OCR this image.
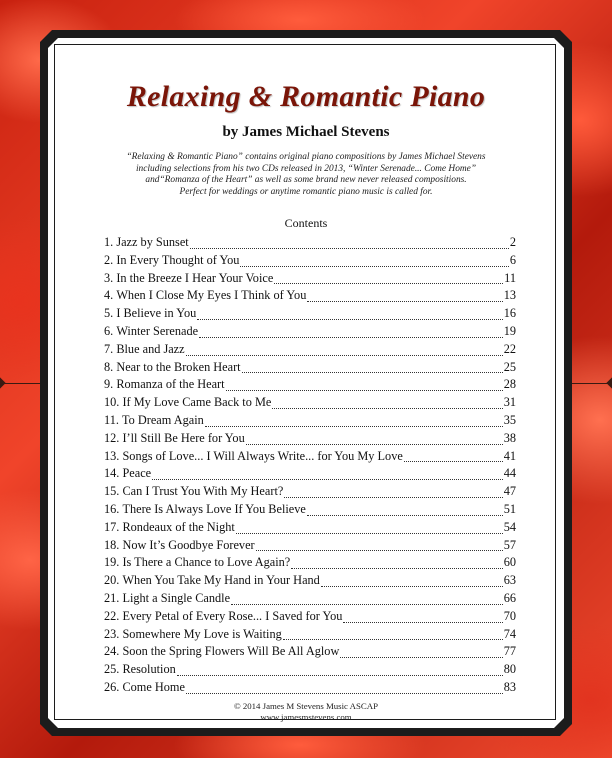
Relaxing & Romantic Piano
by James Michael Stevens
“Relaxing & Romantic Piano” contains original piano compositions by James Michael Stevens
including selections from his two CDs released in 2013, “Winter Serenade... Come Home”
and“Romanza of the Heart” as well as some brand new never released compositions.
Perfect for weddings or anytime romantic piano music is called for.
Contents
1.
Jazz by Sunset	2
2.
In Every Thought of You	6
3.
In the Breeze I Hear Your Voice	11
4.
When I Close My Eyes I Think of You	13
5.
I Believe in You	16
6.
Winter Serenade	19
7.
Blue and Jazz	22
8.
Near to the Broken Heart	25
9.
Romanza of the Heart	28
10.
If My Love Came Back to Me	31
11.
To Dream Again	35
12.
I’ll Still Be Here for You	38
13.
Songs of Love... I Will Always Write... for You My Love	41
14.
Peace	44
15.
Can I Trust You With My Heart?	47
16.
There Is Always Love If You Believe	51
17.
Rondeaux of the Night	54
18.
Now It’s Goodbye Forever	57
19.
Is There a Chance to Love Again?	60
20.
When You Take My Hand in Your Hand	63
21.
Light a Single Candle	66
22.
Every Petal of Every Rose... I Saved for You	70
23.
Somewhere My Love is Waiting	74
24.
Soon the Spring Flowers Will Be All Aglow	77
25.
Resolution	80
26.
Come Home	83
© 2014 James M Stevens Music ASCAP
www.jamesmstevens.com
